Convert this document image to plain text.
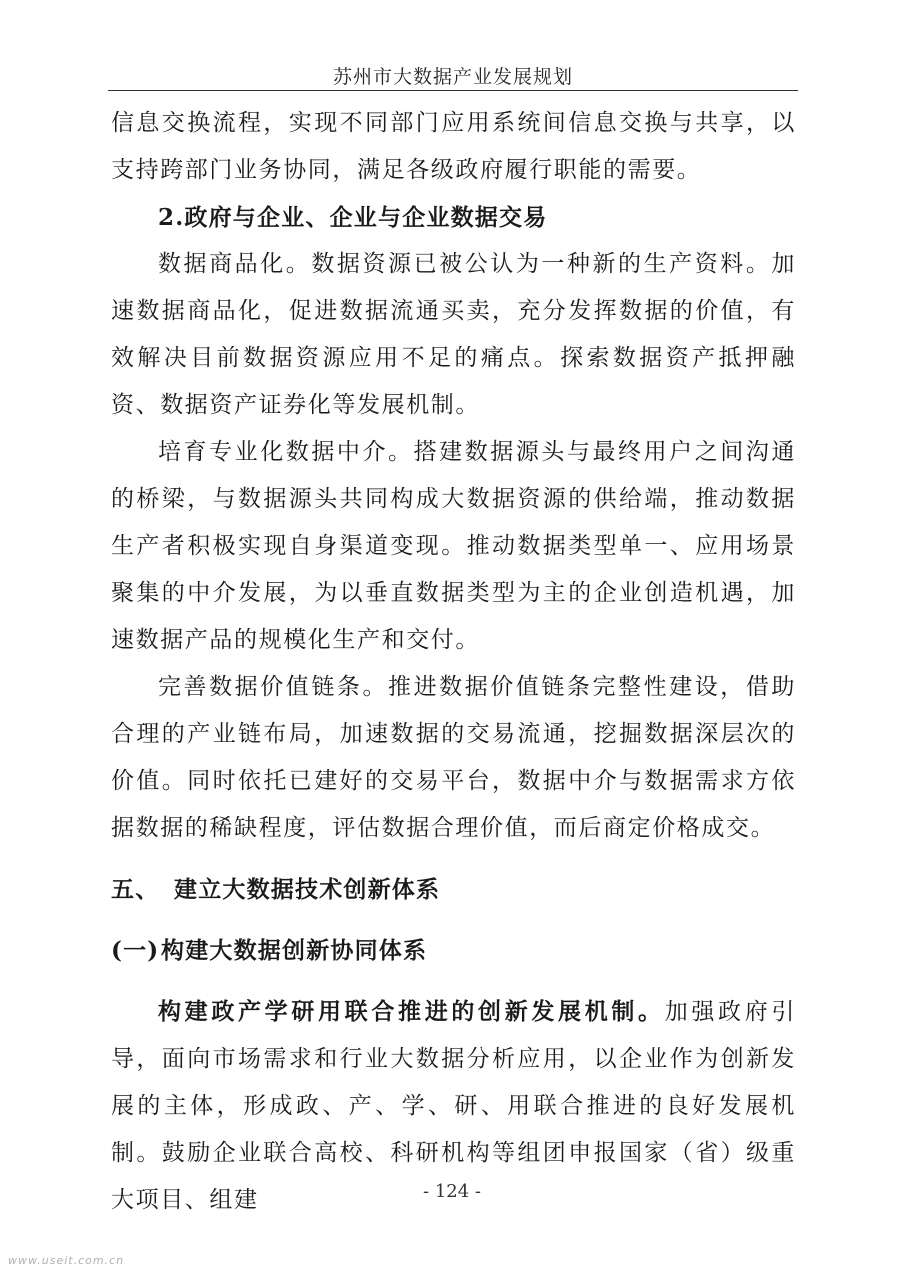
苏州市大数据产业发展规划

信息交换流程，实现不同部门应用系统间信息交换与共享，以支持跨部门业务协同，满足各级政府履行职能的需要。

2.政府与企业、企业与企业数据交易

数据商品化。数据资源已被公认为一种新的生产资料。加速数据商品化，促进数据流通买卖，充分发挥数据的价值，有效解决目前数据资源应用不足的痛点。探索数据资产抵押融资、数据资产证券化等发展机制。

培育专业化数据中介。搭建数据源头与最终用户之间沟通的桥梁，与数据源头共同构成大数据资源的供给端，推动数据生产者积极实现自身渠道变现。推动数据类型单一、应用场景聚集的中介发展，为以垂直数据类型为主的企业创造机遇，加速数据产品的规模化生产和交付。

完善数据价值链条。推进数据价值链条完整性建设，借助合理的产业链布局，加速数据的交易流通，挖掘数据深层次的价值。同时依托已建好的交易平台，数据中介与数据需求方依据数据的稀缺程度，评估数据合理价值，而后商定价格成交。

五、 建立大数据技术创新体系
(一)构建大数据创新协同体系

构建政产学研用联合推进的创新发展机制。加强政府引导，面向市场需求和行业大数据分析应用，以企业作为创新发展的主体，形成政、产、学、研、用联合推进的良好发展机制。鼓励企业联合高校、科研机构等组团申报国家（省）级重大项目、组建	- 124 -
www.useit.com.cn
